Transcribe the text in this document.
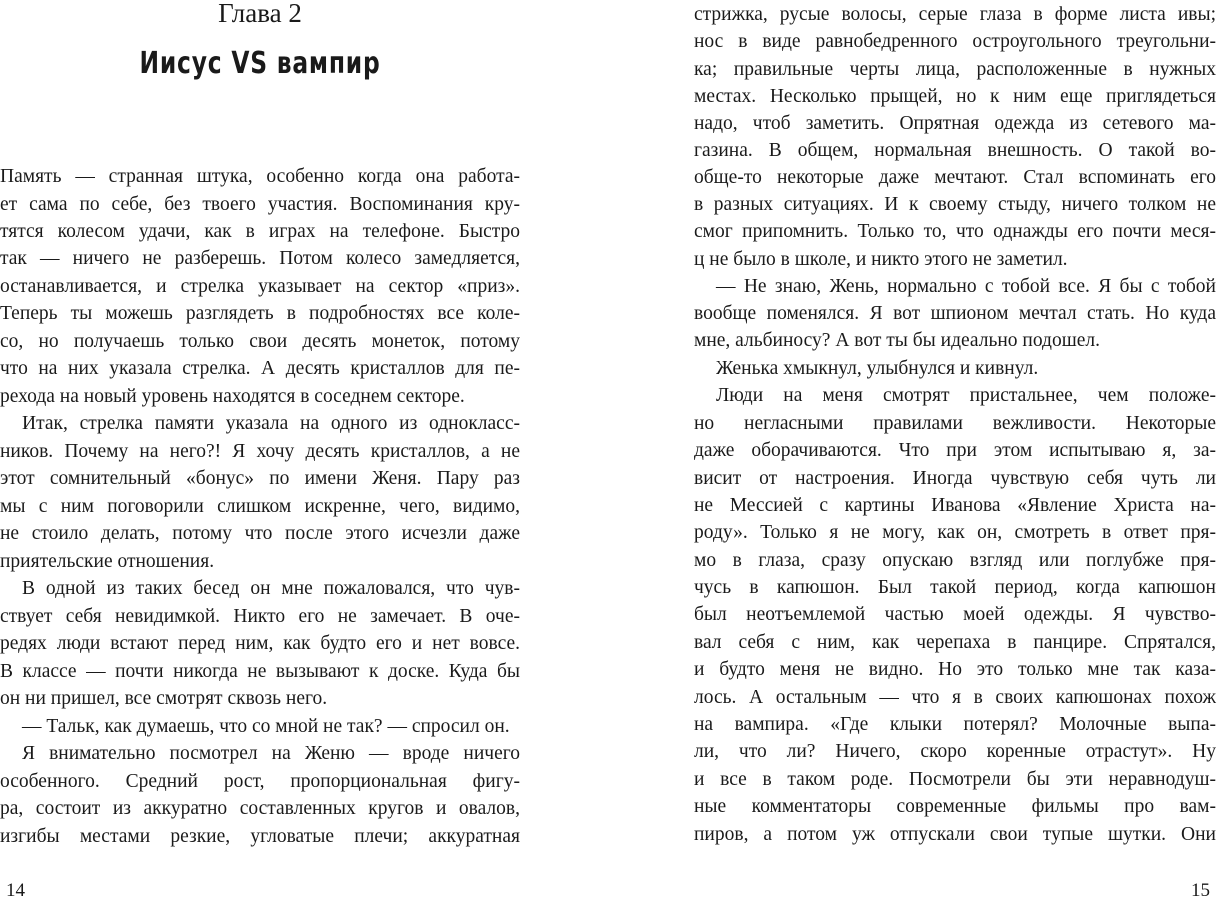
Глава 2
Иисус VS вампир
Память — странная штука, особенно когда она работа-
ет сама по себе, без твоего участия. Воспоминания кру-
тятся колесом удачи, как в играх на телефоне. Быстро
так — ничего не разберешь. Потом колесо замедляется,
останавливается, и стрелка указывает на сектор «приз».
Теперь ты можешь разглядеть в подробностях все коле-
со, но получаешь только свои десять монеток, потому
что на них указала стрелка. А десять кристаллов для пе-
рехода на новый уровень находятся в соседнем секторе.
Итак, стрелка памяти указала на одного из однокласс-
ников. Почему на него?! Я хочу десять кристаллов, а не
этот сомнительный «бонус» по имени Женя. Пару раз
мы с ним поговорили слишком искренне, чего, видимо,
не стоило делать, потому что после этого исчезли даже
приятельские отношения.
В одной из таких бесед он мне пожаловался, что чув-
ствует себя невидимкой. Никто его не замечает. В оче-
редях люди встают перед ним, как будто его и нет вовсе.
В классе — почти никогда не вызывают к доске. Куда бы
он ни пришел, все смотрят сквозь него.
— Тальк, как думаешь, что со мной не так? — спросил он.
Я внимательно посмотрел на Женю — вроде ничего
особенного. Средний рост, пропорциональная фигу-
ра, состоит из аккуратно составленных кругов и овалов,
изгибы местами резкие, угловатые плечи; аккуратная
14
стрижка, русые волосы, серые глаза в форме листа ивы;
нос в виде равнобедренного остроугольного треугольни-
ка; правильные черты лица, расположенные в нужных
местах. Несколько прыщей, но к ним еще приглядеться
надо, чтоб заметить. Опрятная одежда из сетевого ма-
газина. В общем, нормальная внешность. О такой во-
обще-то некоторые даже мечтают. Стал вспоминать его
в разных ситуациях. И к своему стыду, ничего толком не
смог припомнить. Только то, что однажды его почти меся-
ц не было в школе, и никто этого не заметил.
— Не знаю, Жень, нормально с тобой все. Я бы с тобой
вообще поменялся. Я вот шпионом мечтал стать. Но куда
мне, альбиносу? А вот ты бы идеально подошел.
Женька хмыкнул, улыбнулся и кивнул.
Люди на меня смотрят пристальнее, чем положе-
но негласными правилами вежливости. Некоторые
даже оборачиваются. Что при этом испытываю я, за-
висит от настроения. Иногда чувствую себя чуть ли
не Мессией с картины Иванова «Явление Христа на-
роду». Только я не могу, как он, смотреть в ответ пря-
мо в глаза, сразу опускаю взгляд или поглубже пря-
чусь в капюшон. Был такой период, когда капюшон
был неотъемлемой частью моей одежды. Я чувство-
вал себя с ним, как черепаха в панцире. Спрятался,
и будто меня не видно. Но это только мне так каза-
лось. А остальным — что я в своих капюшонах похож
на вампира. «Где клыки потерял? Молочные выпа-
ли, что ли? Ничего, скоро коренные отрастут». Ну
и все в таком роде. Посмотрели бы эти неравнодуш-
ные комментаторы современные фильмы про вам-
пиров, а потом уж отпускали свои тупые шутки. Они
15
